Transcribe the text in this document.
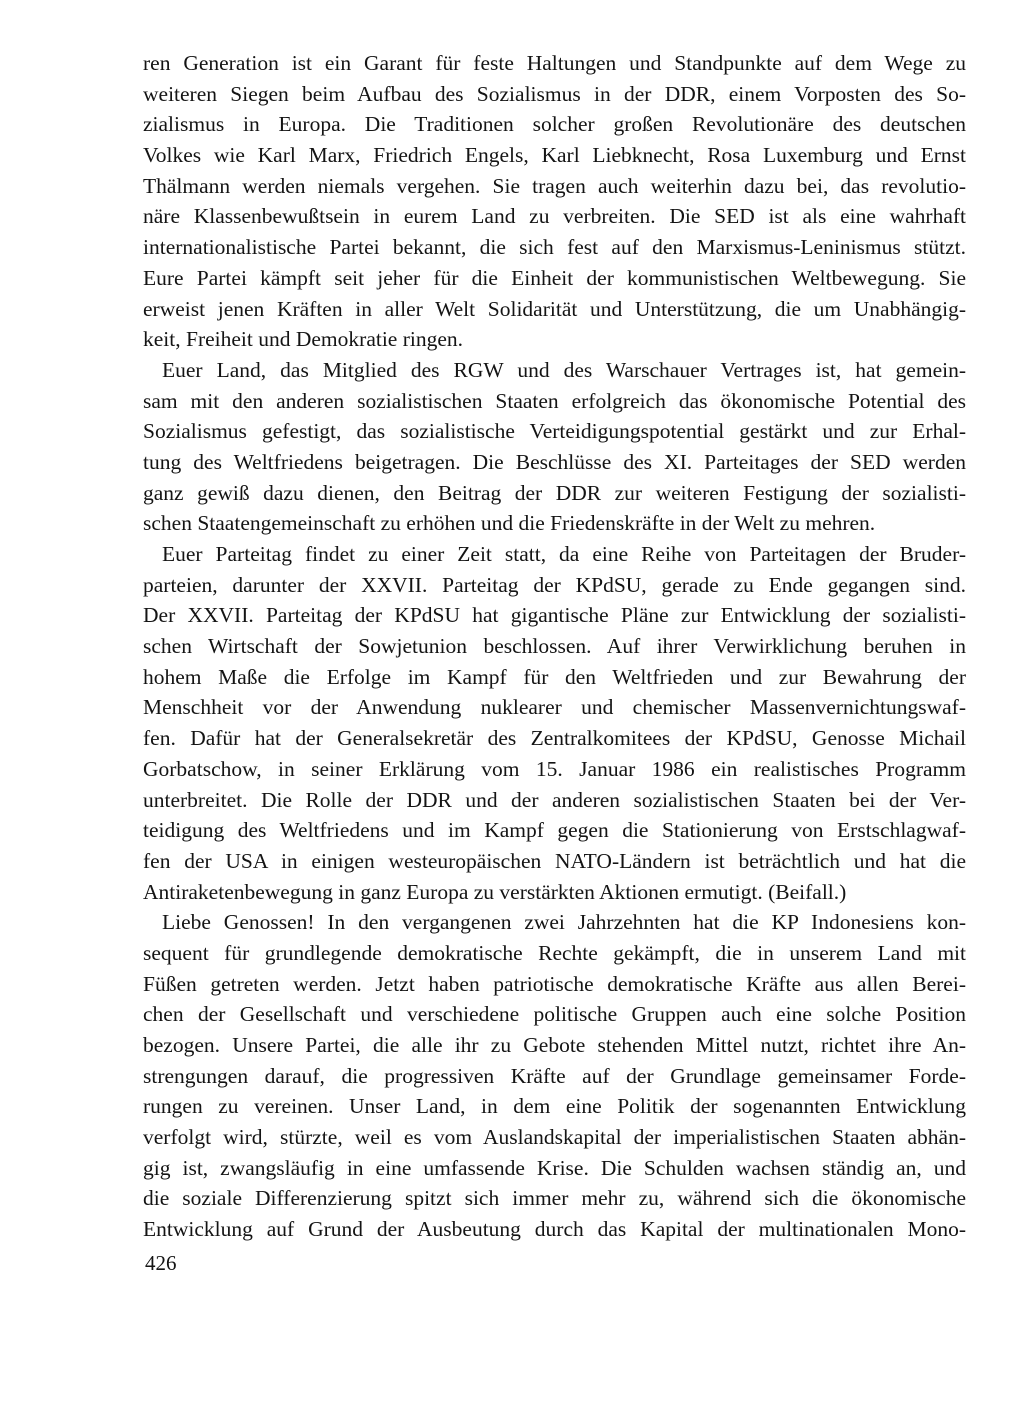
ren Generation ist ein Garant für feste Haltungen und Standpunkte auf dem Wege zu
weiteren Siegen beim Aufbau des Sozialismus in der DDR, einem Vorposten des So-
zialismus in Europa. Die Traditionen solcher großen Revolutionäre des deutschen
Volkes wie Karl Marx, Friedrich Engels, Karl Liebknecht, Rosa Luxemburg und Ernst
Thälmann werden niemals vergehen. Sie tragen auch weiterhin dazu bei, das revolutio-
näre Klassenbewußtsein in eurem Land zu verbreiten. Die SED ist als eine wahrhaft
internationalistische Partei bekannt, die sich fest auf den Marxismus-Leninismus stützt.
Eure Partei kämpft seit jeher für die Einheit der kommunistischen Weltbewegung. Sie
erweist jenen Kräften in aller Welt Solidarität und Unterstützung, die um Unabhängig-
keit, Freiheit und Demokratie ringen.
Euer Land, das Mitglied des RGW und des Warschauer Vertrages ist, hat gemein-
sam mit den anderen sozialistischen Staaten erfolgreich das ökonomische Potential des
Sozialismus gefestigt, das sozialistische Verteidigungspotential gestärkt und zur Erhal-
tung des Weltfriedens beigetragen. Die Beschlüsse des XI. Parteitages der SED werden
ganz gewiß dazu dienen, den Beitrag der DDR zur weiteren Festigung der sozialisti-
schen Staatengemeinschaft zu erhöhen und die Friedenskräfte in der Welt zu mehren.
Euer Parteitag findet zu einer Zeit statt, da eine Reihe von Parteitagen der Bruder-
parteien, darunter der XXVII. Parteitag der KPdSU, gerade zu Ende gegangen sind.
Der XXVII. Parteitag der KPdSU hat gigantische Pläne zur Entwicklung der sozialisti-
schen Wirtschaft der Sowjetunion beschlossen. Auf ihrer Verwirklichung beruhen in
hohem Maße die Erfolge im Kampf für den Weltfrieden und zur Bewahrung der
Menschheit vor der Anwendung nuklearer und chemischer Massenvernichtungswaf-
fen. Dafür hat der Generalsekretär des Zentralkomitees der KPdSU, Genosse Michail
Gorbatschow, in seiner Erklärung vom 15. Januar 1986 ein realistisches Programm
unterbreitet. Die Rolle der DDR und der anderen sozialistischen Staaten bei der Ver-
teidigung des Weltfriedens und im Kampf gegen die Stationierung von Erstschlagwaf-
fen der USA in einigen westeuropäischen NATO-Ländern ist beträchtlich und hat die
Antiraketenbewegung in ganz Europa zu verstärkten Aktionen ermutigt. (Beifall.)
Liebe Genossen! In den vergangenen zwei Jahrzehnten hat die KP Indonesiens kon-
sequent für grundlegende demokratische Rechte gekämpft, die in unserem Land mit
Füßen getreten werden. Jetzt haben patriotische demokratische Kräfte aus allen Berei-
chen der Gesellschaft und verschiedene politische Gruppen auch eine solche Position
bezogen. Unsere Partei, die alle ihr zu Gebote stehenden Mittel nutzt, richtet ihre An-
strengungen darauf, die progressiven Kräfte auf der Grundlage gemeinsamer Forde-
rungen zu vereinen. Unser Land, in dem eine Politik der sogenannten Entwicklung
verfolgt wird, stürzte, weil es vom Auslandskapital der imperialistischen Staaten abhän-
gig ist, zwangsläufig in eine umfassende Krise. Die Schulden wachsen ständig an, und
die soziale Differenzierung spitzt sich immer mehr zu, während sich die ökonomische
Entwicklung auf Grund der Ausbeutung durch das Kapital der multinationalen Mono-
426
